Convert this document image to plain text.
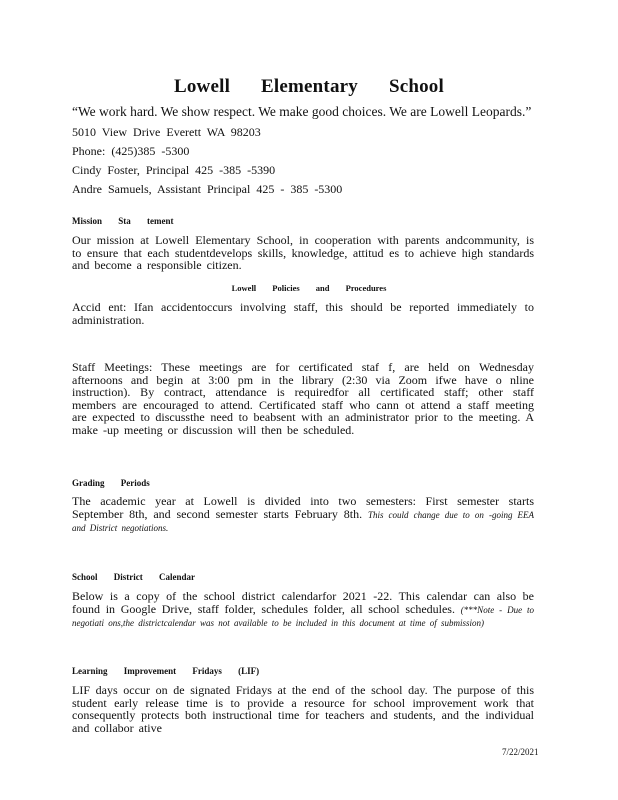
Lowell Elementary School
“We work hard. We show respect. We make good choices. We are Lowell Leopards.”
5010 View Drive Everett WA 98203
Phone: (425)385 -5300
Cindy Foster, Principal 425 -385 -5390
Andre Samuels, Assistant Principal 425 - 385 -5300
Mission Sta tement
Our mission at Lowell Elementary School, in cooperation with parents andcommunity, is to ensure that each studentdevelops skills, knowledge, attitud es to achieve high standards and become a responsible citizen.
Lowell Policies and Procedures
Accid ent: Ifan accidentoccurs involving staff, this should be reported immediately to administration.
Staff Meetings: These meetings are for certificated staf f, are held on Wednesday afternoons and begin at 3:00 pm in the library (2:30 via Zoom ifwe have o nline instruction). By contract, attendance is requiredfor all certificated staff; other staff members are encouraged to attend. Certificated staff who cann ot attend a staff meeting are expected to discussthe need to beabsent with an administrator prior to the meeting. A make -up meeting or discussion will then be scheduled.
Grading Periods
The academic year at Lowell is divided into two semesters: First semester starts September 8th, and second semester starts February 8th. This could change due to on -going EEA and District negotiations.
School District Calendar
Below is a copy of the school district calendarfor 2021 -22. This calendar can also be found in Google Drive, staff folder, schedules folder, all school schedules. (***Note - Due to negotiati ons,the districtcalendar was not available to be included in this document at time of submission)
Learning Improvement Fridays (LIF)
LIF days occur on de signated Fridays at the end of the school day. The purpose of this student early release time is to provide a resource for school improvement work that consequently protects both instructional time for teachers and students, and the individual and collabor ative
7/22/2021
